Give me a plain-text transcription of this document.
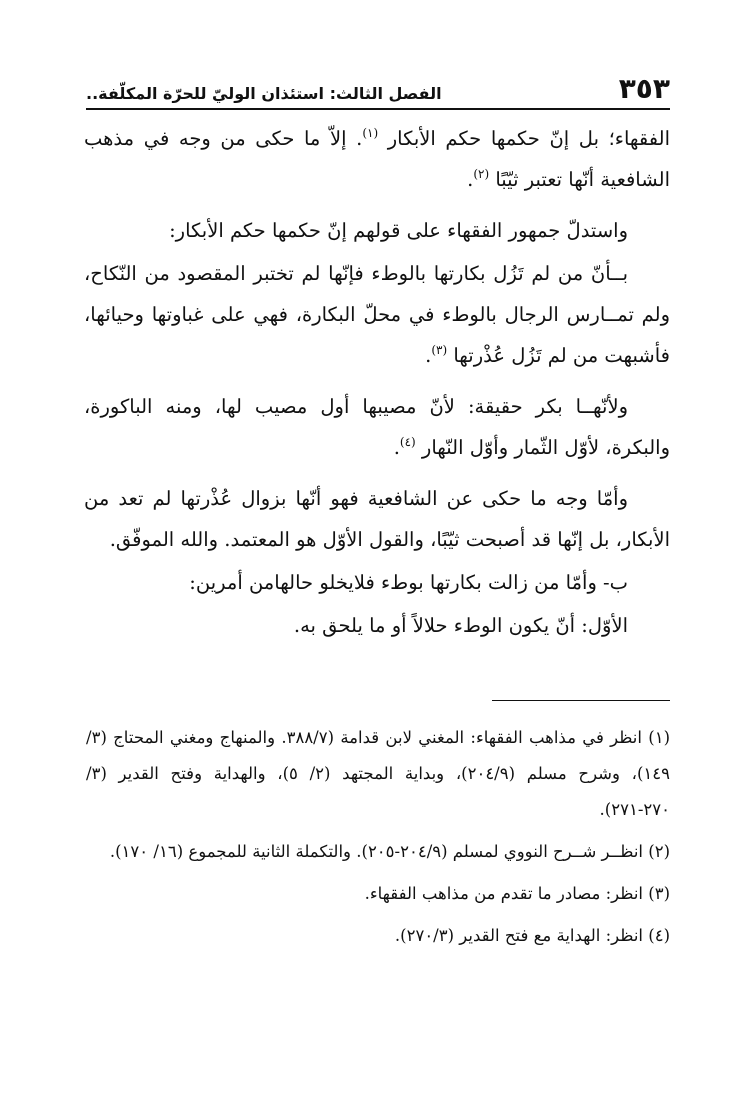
٣٥٣
الفصل الثالث: استئذان الوليّ للحرّة المكلّفة..

الفقهاء؛ بل إنّ حكمها حكم الأبكار $^{(١)}$. إلاّ ما حكى من وجه في مذهب الشافعية أنّها تعتبر ثيّبًا $^{(٢)}$.

واستدلّ جمهور الفقهاء على قولهم إنّ حكمها حكم الأبكار:

بــأنّ من لم تَزُل بكارتها بالوطء فإنّها لم تختبر المقصود من النّكاح، ولم تمــارس الرجال بالوطء في محلّ البكارة، فهي على غباوتها وحيائها، فأشبهت من لم تَزُل عُذْرتها $^{(٣)}$.

ولأنّهــا بكر حقيقة: لأنّ مصيبها أول مصيب لها، ومنه الباكورة، والبكرة، لأوّل الثّمار وأوّل النّهار $^{(٤)}$.

وأمّا وجه ما حكى عن الشافعية فهو أنّها بزوال عُذْرتها لم تعد من الأبكار، بل إنّها قد أصبحت ثيّبًا، والقول الأوّل هو المعتمد. والله الموفّق.

ب- وأمّا من زالت بكارتها بوطء فلايخلو حالهامن أمرين:

الأوّل: أنّ يكون الوطء حلالاً أو ما يلحق به.

(١) انظر في مذاهب الفقهاء: المغني لابن قدامة (٣٨٨/٧. والمنهاج ومغني المحتاج (٣/ ١٤٩)، وشرح مسلم (٢٠٤/٩)، وبداية المجتهد (٢/ ٥)، والهداية وفتح القدير (٣/ ٢٧٠-٢٧١).

(٢) انظــر شــرح النووي لمسلم (٢٠٤/٩-٢٠٥). والتكملة الثانية للمجموع (١٦/ ١٧٠).

(٣) انظر: مصادر ما تقدم من مذاهب الفقهاء.

(٤) انظر: الهداية مع فتح القدير (٢٧٠/٣).
